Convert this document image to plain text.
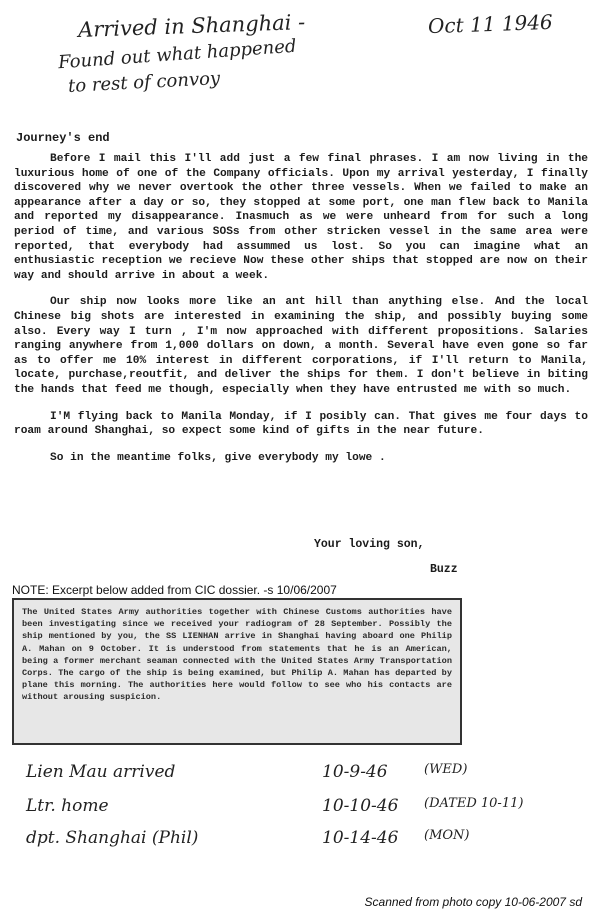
Arrived in Shanghai -
Found out what happened
to rest of convoy
Oct 11 1946
Journey's end

Before I mail this I'll add just a few final phrases. I am now living in the luxurious home of one of the Company officials. Upon my arrival yesterday, I finally discovered why we never overtook the other three vessels. When we failed to make an appearance after a day or so, they stopped at some port, one man flew back to Manila and reported my disappearance. Inasmuch as we were unheard from for such a long period of time, and various SOSs from other stricken vessel in the same area were reported, that everybody had assummed us lost. So you can imagine what an enthusiastic reception we recieve Now these other ships that stopped are now on their way and should arrive in about a week.

Our ship now looks more like an ant hill than anything else. And the local Chinese big shots are interested in examining the ship, and possibly buying some also. Every way I turn , I'm now approached with different propositions. Salaries ranging anywhere from 1,000 dollars on down, a month. Several have even gone so far as to offer me 10% interest in different corporations, if I'll return to Manila, locate, purchase,reoutfit, and deliver the ships for them. I don't believe in biting the hands that feed me though, especially when they have entrusted me with so much.

I'M flying back to Manila Monday, if I posibly can. That gives me four days to roam around Shanghai, so expect some kind of gifts in the near future.

So in the meantime folks, give everybody my lowe .

Your loving son,
Buzz
NOTE: Excerpt below added from CIC dossier. -s 10/06/2007
The United States Army authorities together with Chinese Customs authorities have been investigating since we received your radiogram of 28 September. Possibly the ship mentioned by you, the SS LIENHAN arrive in Shanghai having aboard one Philip A. Mahan on 9 October. It is understood from statements that he is an American, being a former merchant seaman connected with the United States Army Transportation Corps. The cargo of the ship is being examined, but Philip A. Mahan has departed by plane this morning. The authorities here would follow to see who his contacts are without arousing suspicion.
Lien Mau arrived	10-9-46	(WED)
Ltr. home	10-10-46 (DATED 10-11)
dpt. Shanghai (Phil)	10-14-46 (MON)
Scanned from photo copy 10-06-2007 sd
